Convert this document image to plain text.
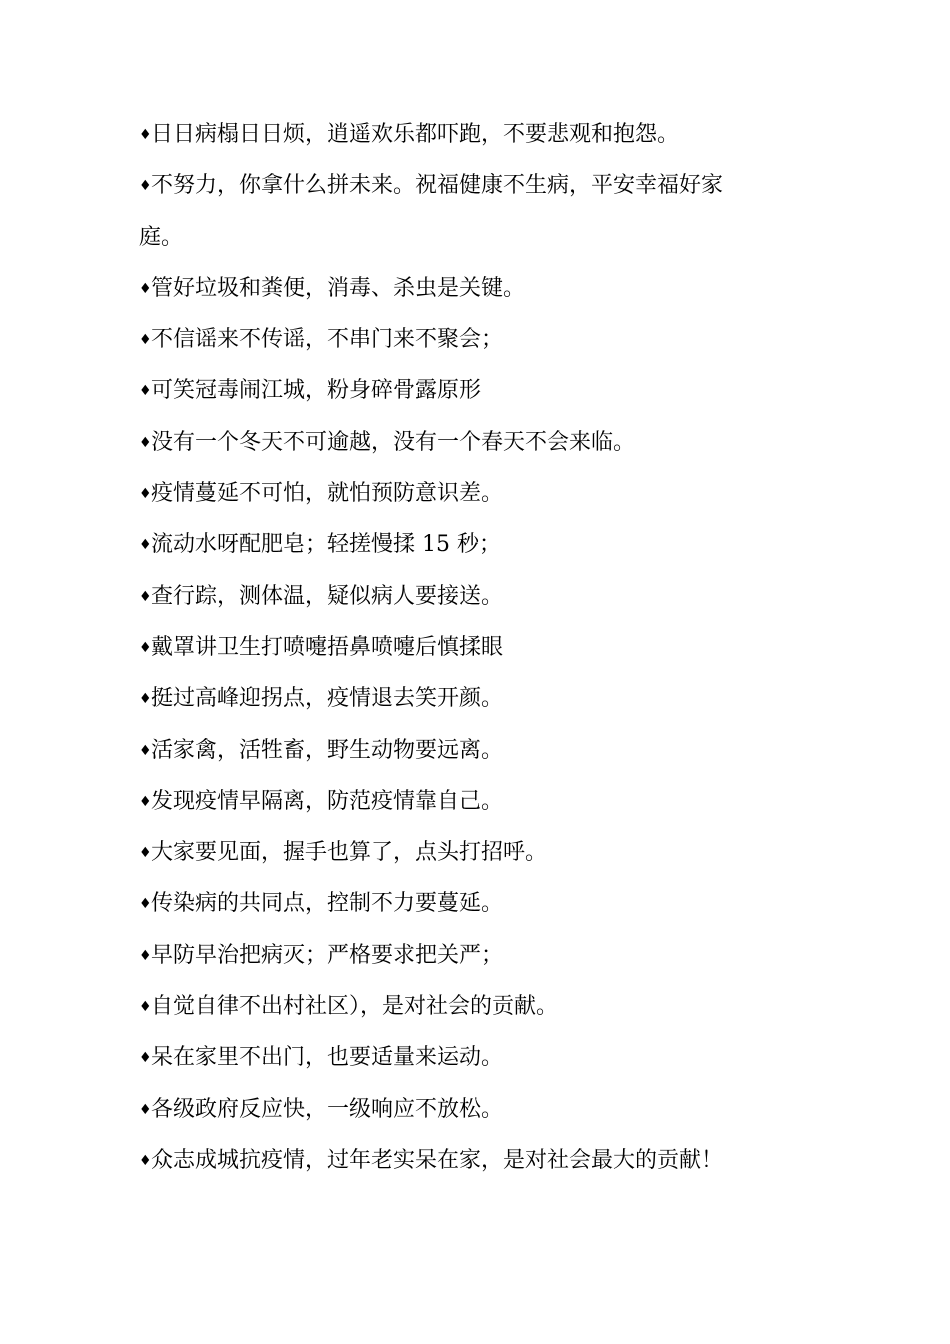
♦日日病榻日日烦，逍遥欢乐都吓跑，不要悲观和抱怨。

♦不努力，你拿什么拼未来。祝福健康不生病，平安幸福好家

庭。

♦管好垃圾和粪便，消毒、杀虫是关键。

♦不信谣来不传谣，不串门来不聚会；

♦可笑冠毒闹江城，粉身碎骨露原形

♦没有一个冬天不可逾越，没有一个春天不会来临。

♦疫情蔓延不可怕，就怕预防意识差。

♦流动水呀配肥皂；轻搓慢揉 15 秒；

♦查行踪，测体温，疑似病人要接送。

♦戴罩讲卫生打喷嚏捂鼻喷嚏后慎揉眼

♦挺过高峰迎拐点，疫情退去笑开颜。

♦活家禽，活牲畜，野生动物要远离。

♦发现疫情早隔离，防范疫情靠自己。

♦大家要见面，握手也算了，点头打招呼。

♦传染病的共同点，控制不力要蔓延。

♦早防早治把病灭；严格要求把关严；

♦自觉自律不出村社区），是对社会的贡献。

♦呆在家里不出门，也要适量来运动。

♦各级政府反应快，一级响应不放松。

♦众志成城抗疫情，过年老实呆在家，是对社会最大的贡献！
